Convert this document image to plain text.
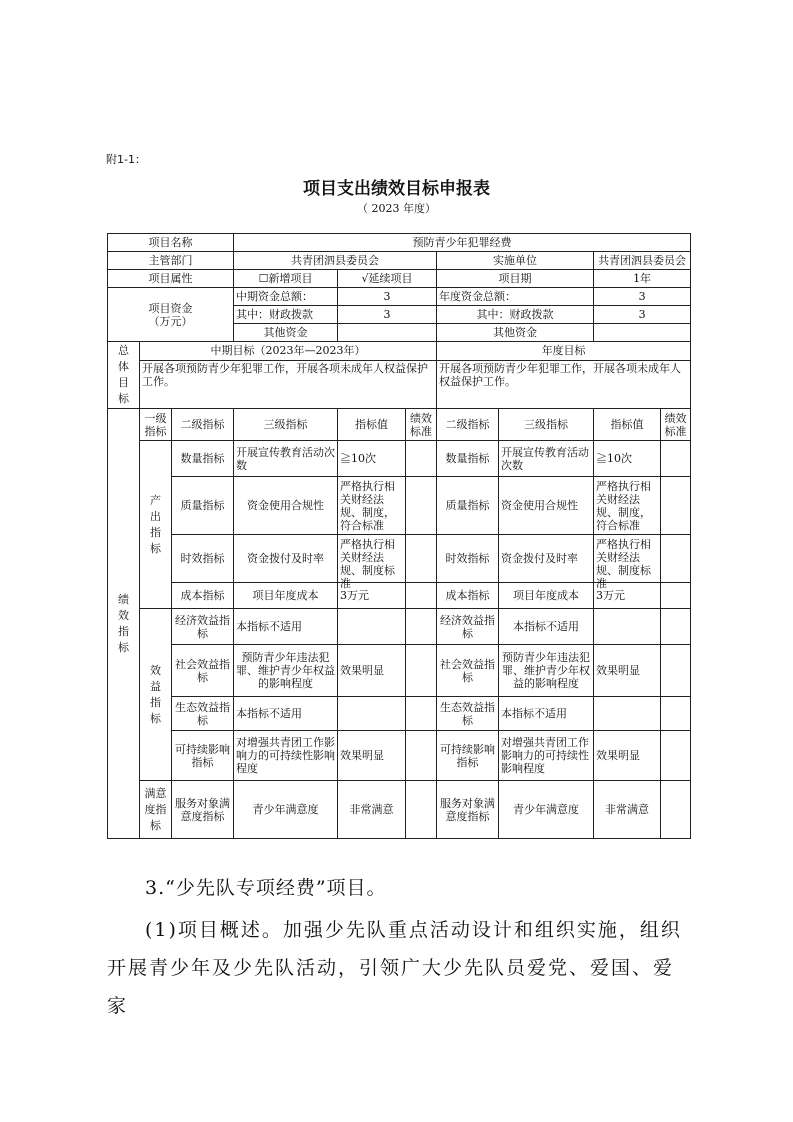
附1-1：
项目支出绩效目标申报表
（ 2023 年度）
项目名称			预防青少年犯罪经费						
主管部门			共青团泗县委员会			实施单位		共青团泗县委员会	
项目属性			☐新增项目	√延续项目		项目期		1年	
项目资金
（万元）			中期资金总额：	3		年度资金总额：		3	
			其中：财政拨款	3		其中：财政拨款		3	
			其他资金			其他资金			

总体目标	中期目标（2023年—2023年）					年度目标			
	开展各项预防青少年犯罪工作，开展各项未成年人权益保护工作。					开展各项预防青少年犯罪工作，开展各项未成年人权益保护工作。			

绩效指标	一级指标	二级指标	三级指标	指标值	绩效标准	二级指标	三级指标	指标值	绩效标准

	产出指标	数量指标	开展宣传教育活动次数	≧10次		数量指标	开展宣传教育活动次数	≧10次	
		质量指标	资金使用合规性	严格执行相关财经法规、制度，符合标准		质量指标	资金使用合规性	严格执行相关财经法规、制度，符合标准	

		时效指标	资金拨付及时率	严格执行相关财经法规、制度标准		时效指标	资金拨付及时率	严格执行相关财经法规、制度标准	

		成本指标	项目年度成本	3万元		成本指标	项目年度成本	3万元	

	效益指标	经济效益指标	本指标不适用			经济效益指标	本指标不适用		
		社会效益指标	预防青少年违法犯罪、维护青少年权益的影响程度	效果明显		社会效益指标	预防青少年违法犯罪、维护青少年权益的影响程度	效果明显	
		生态效益指标	本指标不适用			生态效益指标	本指标不适用		
		可持续影响指标	对增强共青团工作影响力的可持续性影响程度	效果明显		可持续影响指标	对增强共青团工作影响力的可持续性影响程度	效果明显	

	满意度指标	服务对象满意度指标	青少年满意度	非常满意		服务对象满意度指标	青少年满意度	非常满意	
3.“少先队专项经费”项目。
(1)项目概述。加强少先队重点活动设计和组织实施，组织开展青少年及少先队活动，引领广大少先队员爱党、爱国、爱家
